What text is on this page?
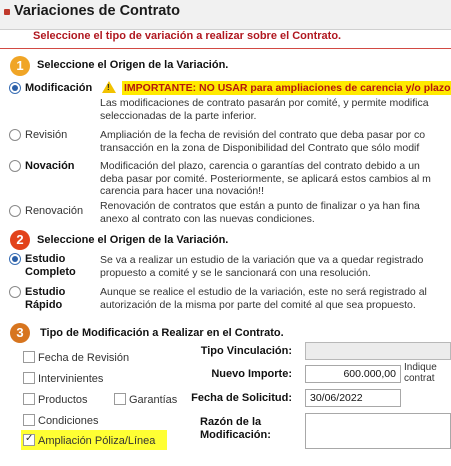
Variaciones de Contrato
Seleccione el tipo de variación a realizar sobre el Contrato.
1	Seleccione el Origen de la Variación.
Modificación ! IMPORTANTE: NO USAR para ampliaciones de carencia y/o plazo
Las modificaciones de contrato pasarán por comité, y permite modifica
seleccionadas de la parte inferior.
Revisión	Ampliación de la fecha de revisión del contrato que deba pasar por co
transacción en la zona de Disponibilidad del Contrato que sólo modif
Novación Modificación del plazo, carencia o garantías del contrato debido a un
deba pasar por comité. Posteriormente, se aplicará estos cambios al m
carencia para hacer una novación!!
Renovación Renovación de contratos que están a punto de finalizar o ya han fina
anexo al contrato con las nuevas condiciones.
2	Seleccione el Origen de la Variación.
Estudio
Completo
Se va a realizar un estudio de la variación que va a quedar registrado
propuesto a comité y se le sancionará con una resolución.
Estudio
Rápido
Aunque se realice el estudio de la variación, este no será registrado al
autorización de la misma por parte del comité al que sea propuesto.
3	Tipo de Modificación a Realizar en el Contrato.
Fecha de Revisión
Intervinientes
Productos	Garantías
Condiciones
✓
Ampliación Póliza/Línea
Tipo Vinculación:
Nuevo Importe:	600.000,00
Indique
contrat
Fecha de Solicitud:	30/06/2022
Razón de la
Modificación:
